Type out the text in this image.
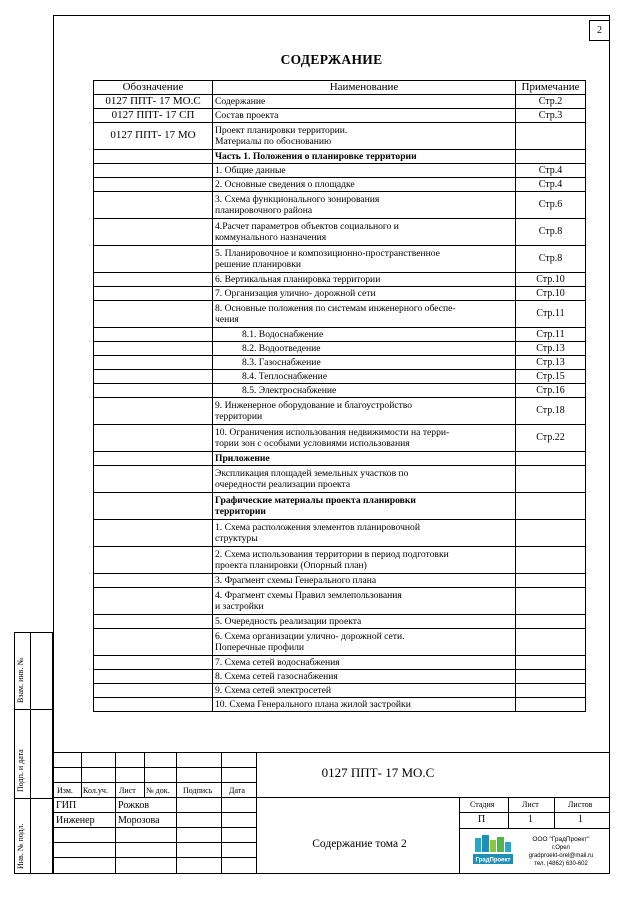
2
СОДЕРЖАНИЕ
Обозначение	Наименование	Примечание
0127 ППТ- 17 МО.С	Содержание	Стр.2
0127 ППТ- 17 СП	Состав проекта	Стр.3
0127 ППТ- 17 МО	Проект планировки территории.
Материалы по обоснованию	
	Часть 1. Положения о планировке территории	
	1. Общие данные	Стр.4
	2. Основные сведения о площадке	Стр.4
	3. Схема функционального зонирования
планировочного района	Стр.6
	4.Расчет параметров объектов социального и
коммунального назначения	Стр.8
	5. Планировочное и композиционно-пространственное
решение планировки	Стр.8
	6. Вертикальная планировка территории	Стр.10
	7. Организация улично- дорожной сети	Стр.10
	8. Основные положения по системам инженерного обеспе-
чения	Стр.11
	8.1. Водоснабжение	Стр.11
	8.2. Водоотведение	Стр.13
	8.3. Газоснабжение	Стр.13
	8.4. Теплоснабжение	Стр.15
	8.5. Электроснабжение	Стр.16
	9. Инженерное оборудование и благоустройство
территории	Стр.18
	10. Ограничения использования недвижимости на терри-
тории зон с особыми условиями использования	Стр.22
	Приложение	
	Экспликация площадей земельных участков по
очередности реализации проекта	
	Графические материалы проекта планировки
территории	
	1. Схема расположения элементов планировочной
структуры	
	2. Схема использования территории в период подготовки
проекта планировки (Опорный план)	
	3. Фрагмент схемы Генерального плана	
	4. Фрагмент схемы Правил землепользования
и застройки	
	5. Очередность реализации проекта	
	6. Схема организации улично- дорожной сети.
Поперечные профили	
	7. Схема сетей водоснабжения	
	8. Схема сетей газоснабжения	
	9. Схема сетей электросетей	
	10. Схема Генерального плана жилой застройки	
Взам. инв. №
Подп. и дата
Инв. № подл.
Изм. Кол.уч. Лист № док. Подпись Дата
0127 ППТ- 17 МО.С
ГИП	Рожков
Инженер Морозова
Содержание тома 2
Стадия	Лист	Листов
П	1	1
ГрадПроект
ООО "ГрадПроект"
г.Орел
gradproekt-orel@mail.ru
тел. (4862) 630-602
